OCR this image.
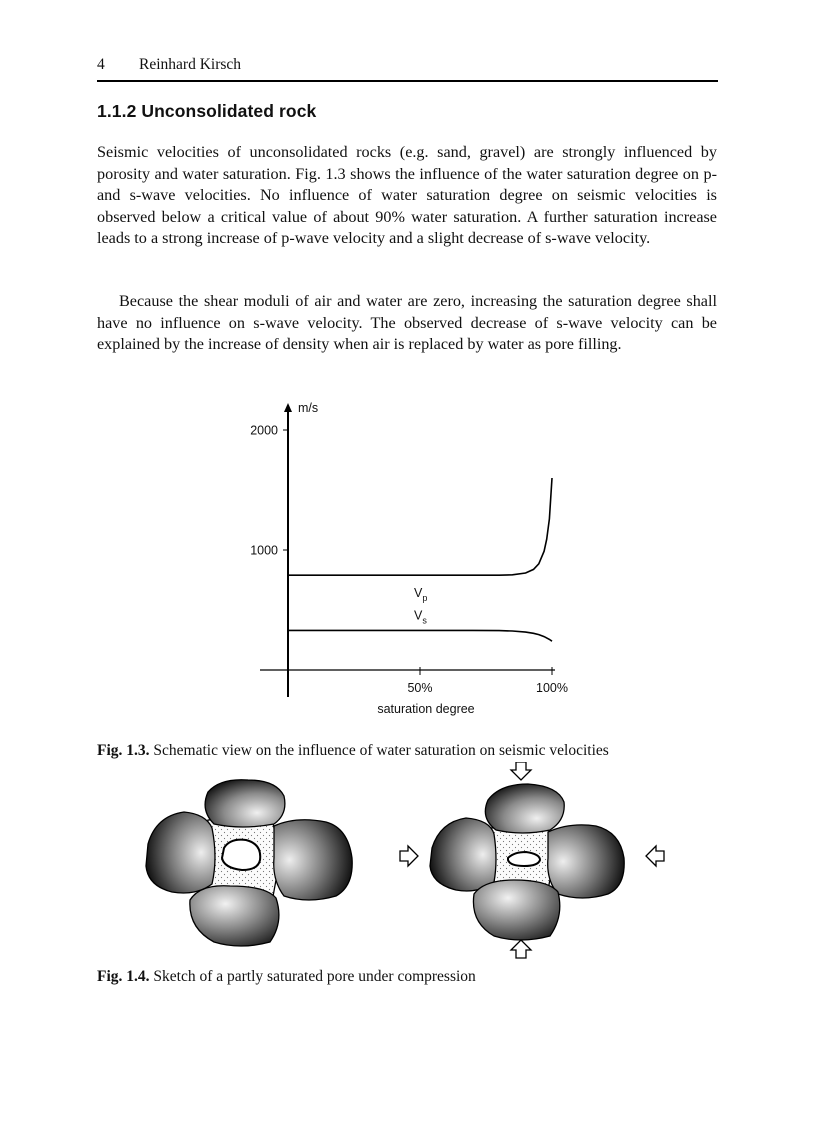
4 Reinhard Kirsch
1.1.2 Unconsolidated rock

Seismic velocities of unconsolidated rocks (e.g. sand, gravel) are strongly influenced by porosity and water saturation. Fig. 1.3 shows the influence of the water saturation degree on p- and s-wave velocities. No influence of water saturation degree on seismic velocities is observed below a critical value of about 90% water saturation. A further saturation increase leads to a strong increase of p-wave velocity and a slight decrease of s-wave velocity.

Because the shear moduli of air and water are zero, increasing the saturation degree shall have no influence on s-wave velocity. The observed decrease of s-wave velocity can be explained by the increase of density when air is replaced by water as pore filling.

m/s
saturation degree
1000
2000
50%	100%
$V_p$
$V_s$
Fig. 1.3. Schematic view on the influence of water saturation on seismic velocities
Fig. 1.4. Sketch of a partly saturated pore under compression
